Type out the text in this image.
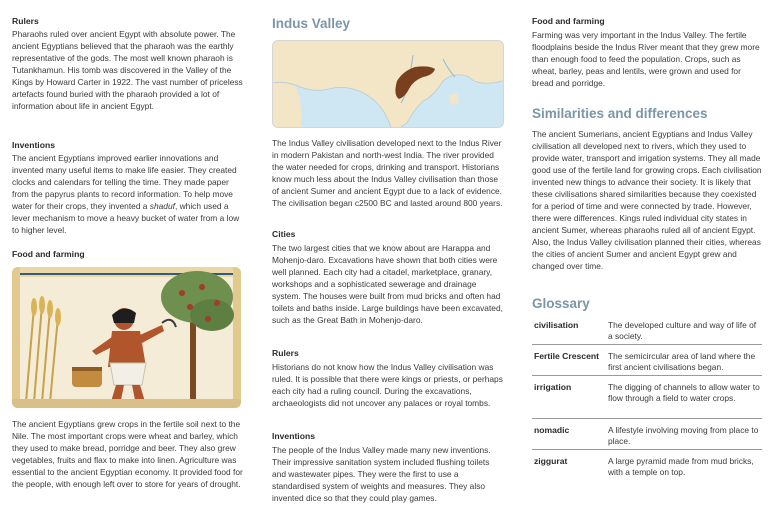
Rulers

Pharaohs ruled over ancient Egypt with absolute power. The ancient Egyptians believed that the pharaoh was the earthly representative of the gods. The most well known pharaoh is Tutankhamun. His tomb was discovered in the Valley of the Kings by Howard Carter in 1922. The vast number of priceless artefacts found buried with the pharaoh provided a lot of information about life in ancient Egypt.

Inventions

The ancient Egyptians improved earlier innovations and invented many useful items to make life easier. They created clocks and calendars for telling the time. They made paper from the papyrus plants to record information. To help move water for their crops, they invented a shaduf, which used a lever mechanism to move a heavy bucket of water from a low to higher level.

Food and farming

The ancient Egyptians grew crops in the fertile soil next to the Nile. The most important crops were wheat and barley, which they used to make bread, porridge and beer. They also grew vegetables, fruits and flax to make into linen. Agriculture was essential to the ancient Egyptian economy. It provided food for the people, with enough left over to store for years of drought.

Indus Valley

The Indus Valley civilisation developed next to the Indus River in modern Pakistan and north-west India. The river provided the water needed for crops, drinking and transport. Historians know much less about the Indus Valley civilisation than those of ancient Sumer and ancient Egypt due to a lack of evidence. The civilisation began c2500 BC and lasted around 800 years.

Cities

The two largest cities that we know about are Harappa and Mohenjo-daro. Excavations have shown that both cities were well planned. Each city had a citadel, marketplace, granary, workshops and a sophisticated sewerage and drainage system. The houses were built from mud bricks and often had toilets and baths inside. Large buildings have been excavated, such as the Great Bath in Mohenjo-daro.

Rulers

Historians do not know how the Indus Valley civilisation was ruled. It is possible that there were kings or priests, or perhaps each city had a ruling council. During the excavations, archaeologists did not uncover any palaces or royal tombs.

Inventions

The people of the Indus Valley made many new inventions. Their impressive sanitation system included flushing toilets and wastewater pipes. They were the first to use a standardised system of weights and measures. They also invented dice so that they could play games.

Food and farming

Farming was very important in the Indus Valley. The fertile floodplains beside the Indus River meant that they grew more than enough food to feed the population. Crops, such as wheat, barley, peas and lentils, were grown and used for bread and porridge.

Similarities and differences

The ancient Sumerians, ancient Egyptians and Indus Valley civilisation all developed next to rivers, which they used to provide water, transport and irrigation systems. They all made good use of the fertile land for growing crops. Each civilisation invented new things to advance their society. It is likely that these civilisations shared similarities because they coexisted for a period of time and were connected by trade. However, there were differences. Kings ruled individual city states in ancient Sumer, whereas pharaohs ruled all of ancient Egypt. Also, the Indus Valley civilisation planned their cities, whereas the cities of ancient Sumer and ancient Egypt grew and changed over time.

Glossary
civilisation	The developed culture and way of life of a society.
Fertile Crescent	The semicircular area of land where the first ancient civilisations began.
irrigation	The digging of channels to allow water to flow through a field to water crops.
nomadic	A lifestyle involving moving from place to place.
ziggurat	A large pyramid made from mud bricks, with a temple on top.
